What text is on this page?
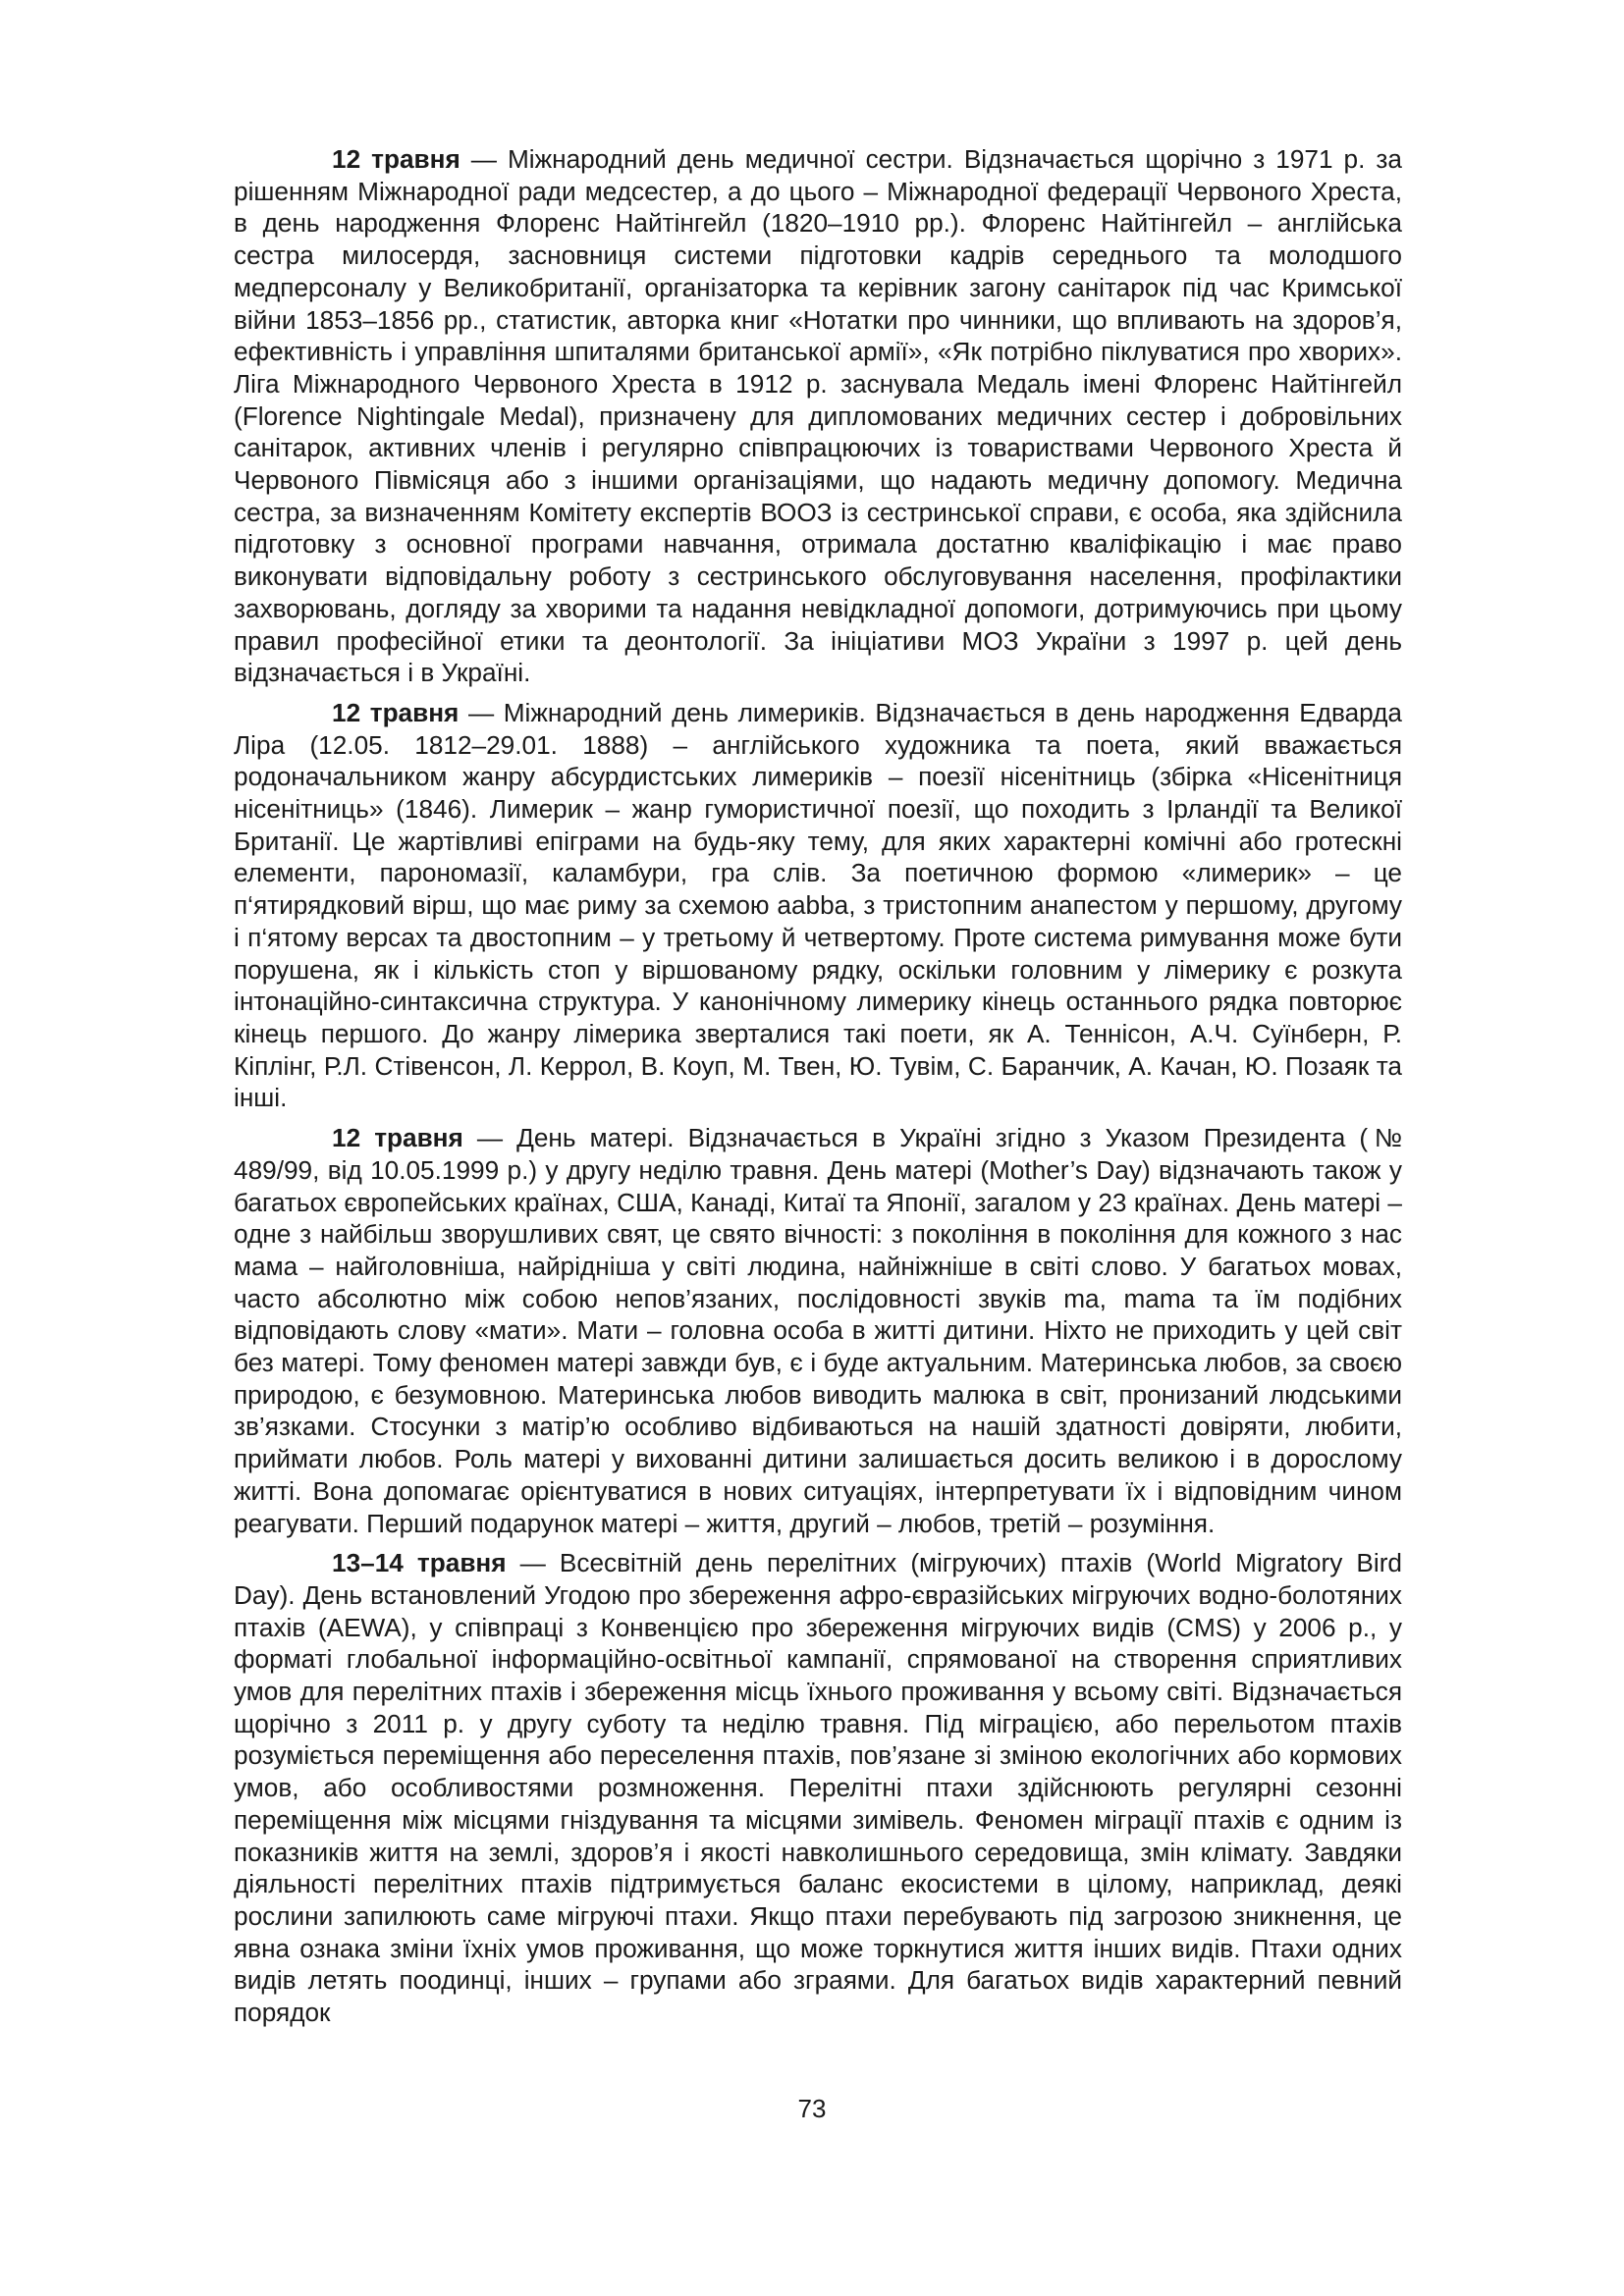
12 травня — Міжнародний день медичної сестри. Відзначається щорічно з 1971 р. за рішенням Міжнародної ради медсестер, а до цього – Міжнародної федерації Червоного Хреста, в день народження Флоренс Найтінгейл (1820–1910 рр.). Флоренс Найтінгейл – англійська сестра милосердя, засновниця системи підготовки кадрів середнього та молодшого медперсоналу у Великобританії, організаторка та керівник загону санітарок під час Кримської війни 1853–1856 рр., статистик, авторка книг «Нотатки про чинники, що впливають на здоров’я, ефективність і управління шпиталями британської армії», «Як потрібно піклуватися про хворих». Ліга Міжнародного Червоного Хреста в 1912 р. заснувала Медаль імені Флоренс Найтінгейл (Florence Nightingale Medal), призначену для дипломованих медичних сестер і добровільних санітарок, активних членів і регулярно співпрацюючих із товариствами Червоного Хреста й Червоного Півмісяця або з іншими організаціями, що надають медичну допомогу. Медична сестра, за визначенням Комітету експертів ВООЗ із сестринської справи, є особа, яка здійснила підготовку з основної програми навчання, отримала достатню кваліфікацію і має право виконувати відповідальну роботу з сестринського обслуговування населення, профілактики захворювань, догляду за хворими та надання невідкладної допомоги, дотримуючись при цьому правил професійної етики та деонтології. За ініціативи МОЗ України з 1997 р. цей день відзначається і в Україні.

12 травня — Міжнародний день лимериків. Відзначається в день народження Едварда Ліра (12.05. 1812–29.01. 1888) – англійського художника та поета, який вважається родоначальником жанру абсурдистських лимериків – поезії нісенітниць (збірка «Нісенітниця нісенітниць» (1846). Лимерик – жанр гумористичної поезії, що походить з Ірландії та Великої Британії. Це жартівливі епіграми на будь-яку тему, для яких характерні комічні або гротескні елементи, парономазії, каламбури, гра слів. За поетичною формою «лимерик» – це п‘ятирядковий вірш, що має риму за схемою aabba, з тристопним анапестом у першому, другому і п‘ятому версах та двостопним – у третьому й четвертому. Проте система римування може бути порушена, як і кількість стоп у віршованому рядку, оскільки головним у лімерику є розкута інтонаційно-синтаксична структура. У канонічному лимерику кінець останнього рядка повторює кінець першого. До жанру лімерика зверталися такі поети, як А. Теннісон, А.Ч. Суїнберн, Р. Кіплінг, Р.Л. Стівенсон, Л. Керрол, В. Коуп, М. Твен, Ю. Тувім, С. Баранчик, А. Качан, Ю. Позаяк та інші.

12 травня — День матері. Відзначається в Україні згідно з Указом Президента (№ 489/99, від 10.05.1999 р.) у другу неділю травня. День матері (Mother’s Day) відзначають також у багатьох європейських країнах, США, Канаді, Китаї та Японії, загалом у 23 країнах. День матері – одне з найбільш зворушливих свят, це свято вічності: з покоління в покоління для кожного з нас мама – найголовніша, найрідніша у світі людина, найніжніше в світі слово. У багатьох мовах, часто абсолютно між собою непов’язаних, послідовності звуків ma, mama та їм подібних відповідають слову «мати». Мати – головна особа в житті дитини. Ніхто не приходить у цей світ без матері. Тому феномен матері завжди був, є і буде актуальним. Материнська любов, за своєю природою, є безумовною. Материнська любов виводить малюка в світ, пронизаний людськими зв’язками. Стосунки з матір’ю особливо відбиваються на нашій здатності довіряти, любити, приймати любов. Роль матері у вихованні дитини залишається досить великою і в дорослому житті. Вона допомагає орієнтуватися в нових ситуаціях, інтерпретувати їх і відповідним чином реагувати. Перший подарунок матері – життя, другий – любов, третій – розуміння.

13–14 травня — Всесвітній день перелітних (мігруючих) птахів (World Migratory Bird Day). День встановлений Угодою про збереження афро-євразійських мігруючих водно-болотяних птахів (AEWA), у співпраці з Конвенцією про збереження мігруючих видів (CMS) у 2006 р., у форматі глобальної інформаційно-освітньої кампанії, спрямованої на створення сприятливих умов для перелітних птахів і збереження місць їхнього проживання у всьому світі. Відзначається щорічно з 2011 р. у другу суботу та неділю травня. Під міграцією, або перельотом птахів розуміється переміщення або переселення птахів, пов’язане зі зміною екологічних або кормових умов, або особливостями розмноження. Перелітні птахи здійснюють регулярні сезонні переміщення між місцями гніздування та місцями зимівель. Феномен міграції птахів є одним із показників життя на землі, здоров’я і якості навколишнього середовища, змін клімату. Завдяки діяльності перелітних птахів підтримується баланс екосистеми в цілому, наприклад, деякі рослини запилюють саме мігруючі птахи. Якщо птахи перебувають під загрозою зникнення, це явна ознака зміни їхніх умов проживання, що може торкнутися життя інших видів. Птахи одних видів летять поодинці, інших – групами або зграями. Для багатьох видів характерний певний порядок

73
